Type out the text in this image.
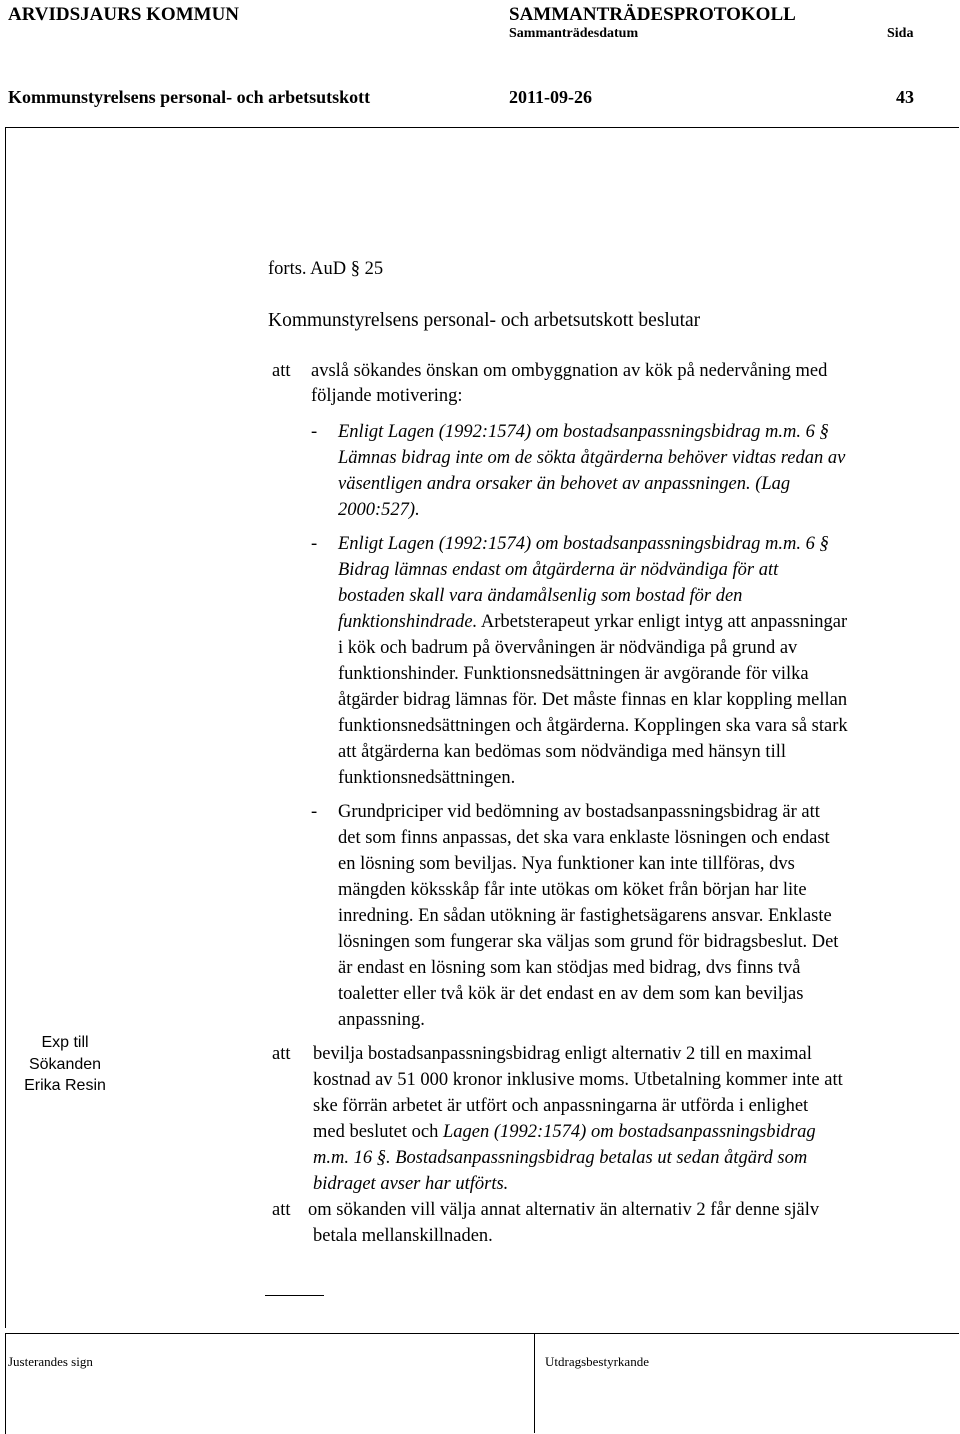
ARVIDSJAURS KOMMUN	SAMMANTRÄDESPROTOKOLL
Sammanträdesdatum	Sida
Kommunstyrelsens personal- och arbetsutskott	2011-09-26	43
Exp till
Sökanden
Erika Resin
forts. AuD § 25
Kommunstyrelsens personal- och arbetsutskott beslutar
att avslå sökandes önskan om ombyggnation av kök på nedervåning med
följande motivering:
- Enligt Lagen (1992:1574) om bostadsanpassningsbidrag m.m. 6 §
Lämnas bidrag inte om de sökta åtgärderna behöver vidtas redan av
väsentligen andra orsaker än behovet av anpassningen. (Lag
2000:527).
- Enligt Lagen (1992:1574) om bostadsanpassningsbidrag m.m. 6 §
Bidrag lämnas endast om åtgärderna är nödvändiga för att
bostaden skall vara ändamålsenlig som bostad för den
funktionshindrade. Arbetsterapeut yrkar enligt intyg att anpassningar
i kök och badrum på övervåningen är nödvändiga på grund av
funktionshinder. Funktionsnedsättningen är avgörande för vilka
åtgärder bidrag lämnas för. Det måste finnas en klar koppling mellan
funktionsnedsättningen och åtgärderna. Kopplingen ska vara så stark
att åtgärderna kan bedömas som nödvändiga med hänsyn till
funktionsnedsättningen.
- Grundpriciper vid bedömning av bostadsanpassningsbidrag är att
det som finns anpassas, det ska vara enklaste lösningen och endast
en lösning som beviljas. Nya funktioner kan inte tillföras, dvs
mängden köksskåp får inte utökas om köket från början har lite
inredning. En sådan utökning är fastighetsägarens ansvar. Enklaste
lösningen som fungerar ska väljas som grund för bidragsbeslut. Det
är endast en lösning som kan stödjas med bidrag, dvs finns två
toaletter eller två kök är det endast en av dem som kan beviljas
anpassning.
att bevilja bostadsanpassningsbidrag enligt alternativ 2 till en maximal
kostnad av 51 000 kronor inklusive moms. Utbetalning kommer inte att
ske förrän arbetet är utfört och anpassningarna är utförda i enlighet
med beslutet och Lagen (1992:1574) om bostadsanpassningsbidrag
m.m. 16 §. Bostadsanpassningsbidrag betalas ut sedan åtgärd som
bidraget avser har utförts.
att om sökanden vill välja annat alternativ än alternativ 2 får denne själv
betala mellanskillnaden.
Justerandes sign	Utdragsbestyrkande
